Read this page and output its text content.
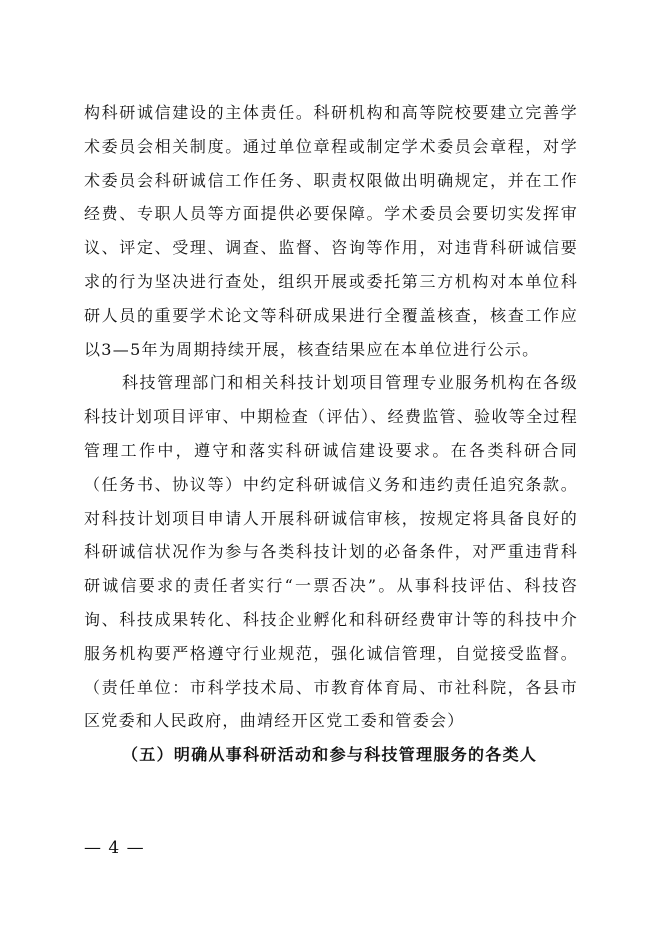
构科研诚信建设的主体责任。科研机构和高等院校要建立完善学术委员会相关制度。通过单位章程或制定学术委员会章程，对学术委员会科研诚信工作任务、职责权限做出明确规定，并在工作经费、专职人员等方面提供必要保障。学术委员会要切实发挥审议、评定、受理、调查、监督、咨询等作用，对违背科研诚信要求的行为坚决进行查处，组织开展或委托第三方机构对本单位科研人员的重要学术论文等科研成果进行全覆盖核查，核查工作应以3—5年为周期持续开展，核查结果应在本单位进行公示。

科技管理部门和相关科技计划项目管理专业服务机构在各级科技计划项目评审、中期检查（评估）、经费监管、验收等全过程管理工作中，遵守和落实科研诚信建设要求。在各类科研合同（任务书、协议等）中约定科研诚信义务和违约责任追究条款。对科技计划项目申请人开展科研诚信审核，按规定将具备良好的科研诚信状况作为参与各类科技计划的必备条件，对严重违背科研诚信要求的责任者实行“一票否决”。从事科技评估、科技咨询、科技成果转化、科技企业孵化和科研经费审计等的科技中介服务机构要严格遵守行业规范，强化诚信管理，自觉接受监督。（责任单位：市科学技术局、市教育体育局、市社科院，各县市区党委和人民政府，曲靖经开区党工委和管委会）

（五）明确从事科研活动和参与科技管理服务的各类人

— 4 —
